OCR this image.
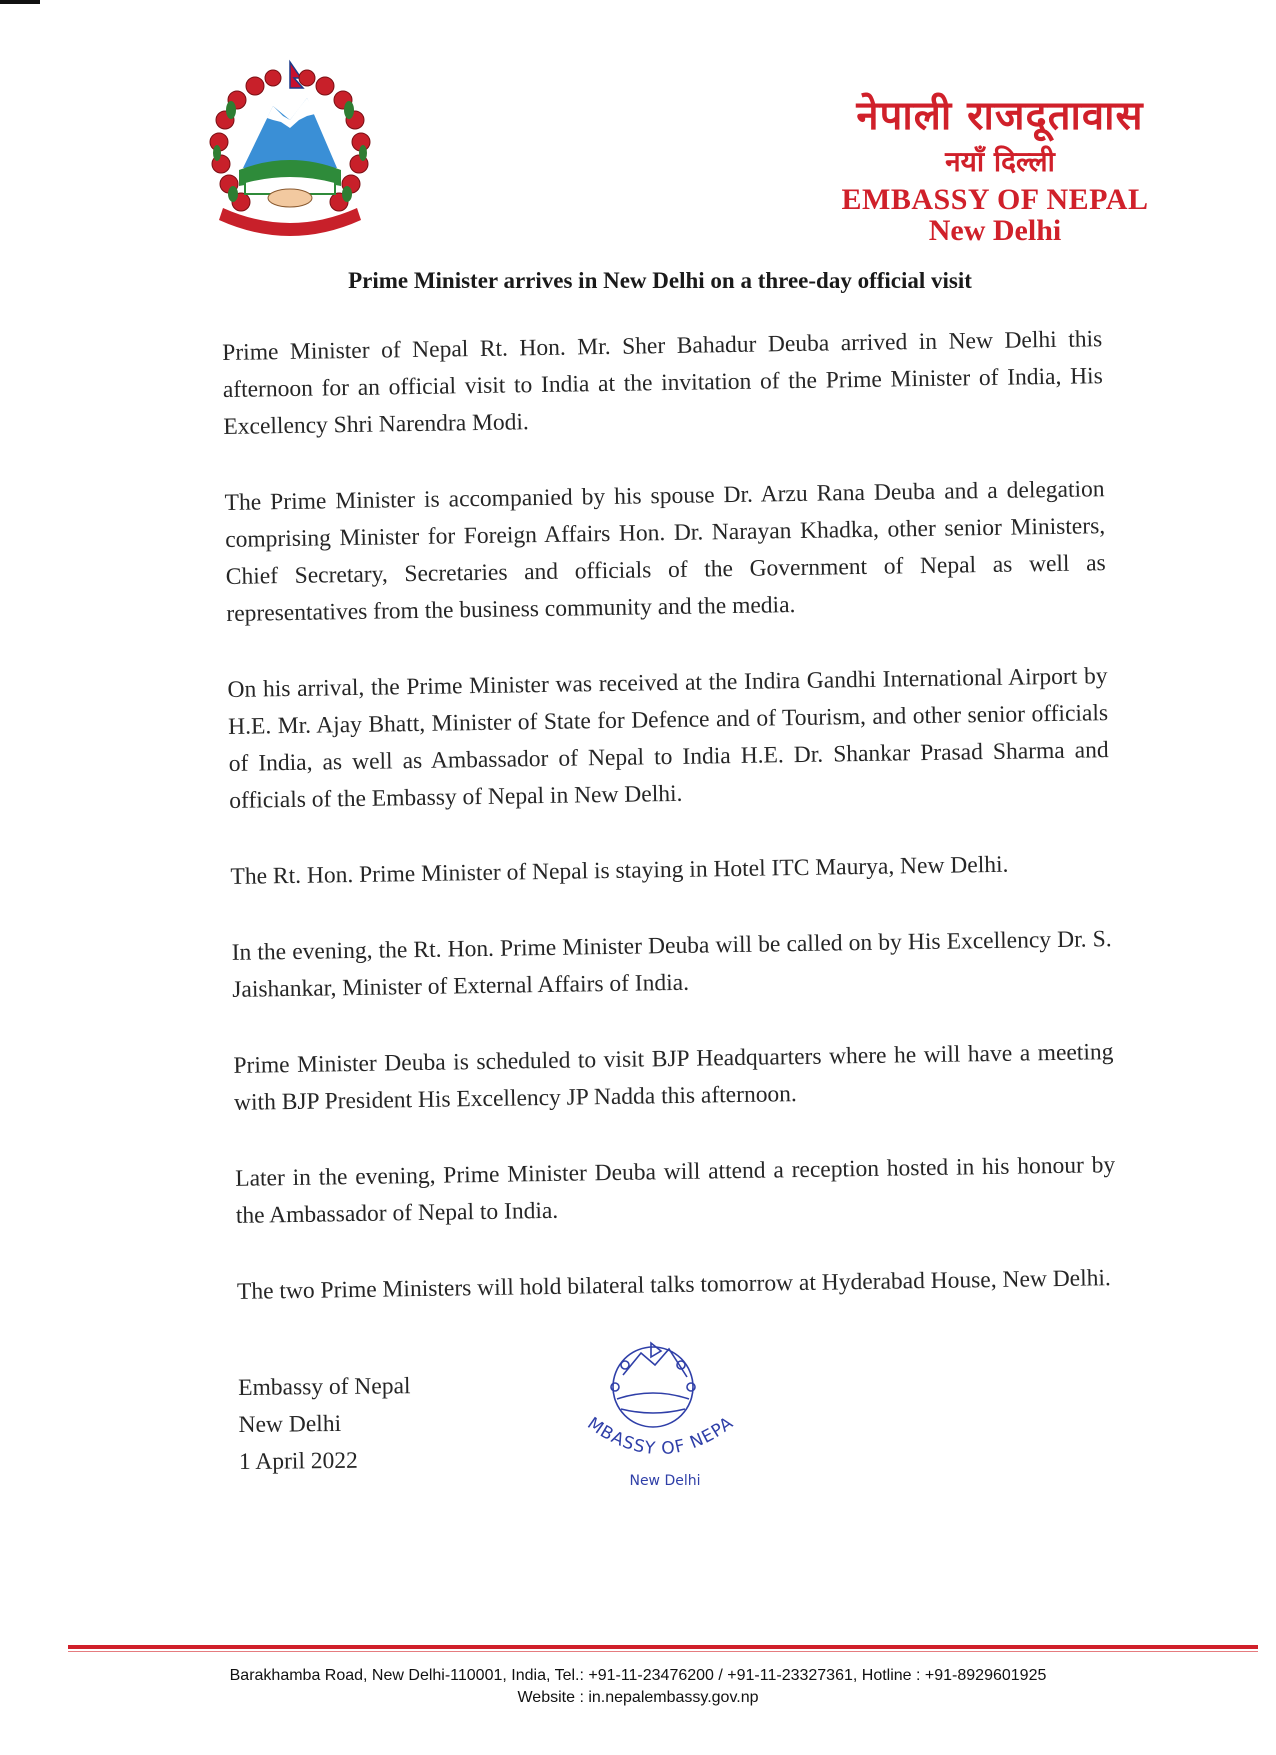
नेपाली राजदूतावास
नयाँ दिल्ली
EMBASSY OF NEPAL
New Delhi
Prime Minister arrives in New Delhi on a three-day official visit

Prime Minister of Nepal Rt. Hon. Mr. Sher Bahadur Deuba arrived in New Delhi this afternoon for an official visit to India at the invitation of the Prime Minister of India, His Excellency Shri Narendra Modi.

The Prime Minister is accompanied by his spouse Dr. Arzu Rana Deuba and a delegation comprising Minister for Foreign Affairs Hon. Dr. Narayan Khadka, other senior Ministers, Chief Secretary, Secretaries and officials of the Government of Nepal as well as representatives from the business community and the media.

On his arrival, the Prime Minister was received at the Indira Gandhi International Airport by H.E. Mr. Ajay Bhatt, Minister of State for Defence and of Tourism, and other senior officials of India, as well as Ambassador of Nepal to India H.E. Dr. Shankar Prasad Sharma and officials of the Embassy of Nepal in New Delhi.

The Rt. Hon. Prime Minister of Nepal is staying in Hotel ITC Maurya, New Delhi.

In the evening, the Rt. Hon. Prime Minister Deuba will be called on by His Excellency Dr. S. Jaishankar, Minister of External Affairs of India.

Prime Minister Deuba is scheduled to visit BJP Headquarters where he will have a meeting with BJP President His Excellency JP Nadda this afternoon.

Later in the evening, Prime Minister Deuba will attend a reception hosted in his honour by the Ambassador of Nepal to India.

The two Prime Ministers will hold bilateral talks tomorrow at Hyderabad House, New Delhi.

Embassy of Nepal
New Delhi
1 April 2022
MBASSY OF NEPA
New Delhi
Barakhamba Road, New Delhi-110001, India, Tel.: +91-11-23476200 / +91-11-23327361, Hotline : +91-8929601925
Website : in.nepalembassy.gov.np
